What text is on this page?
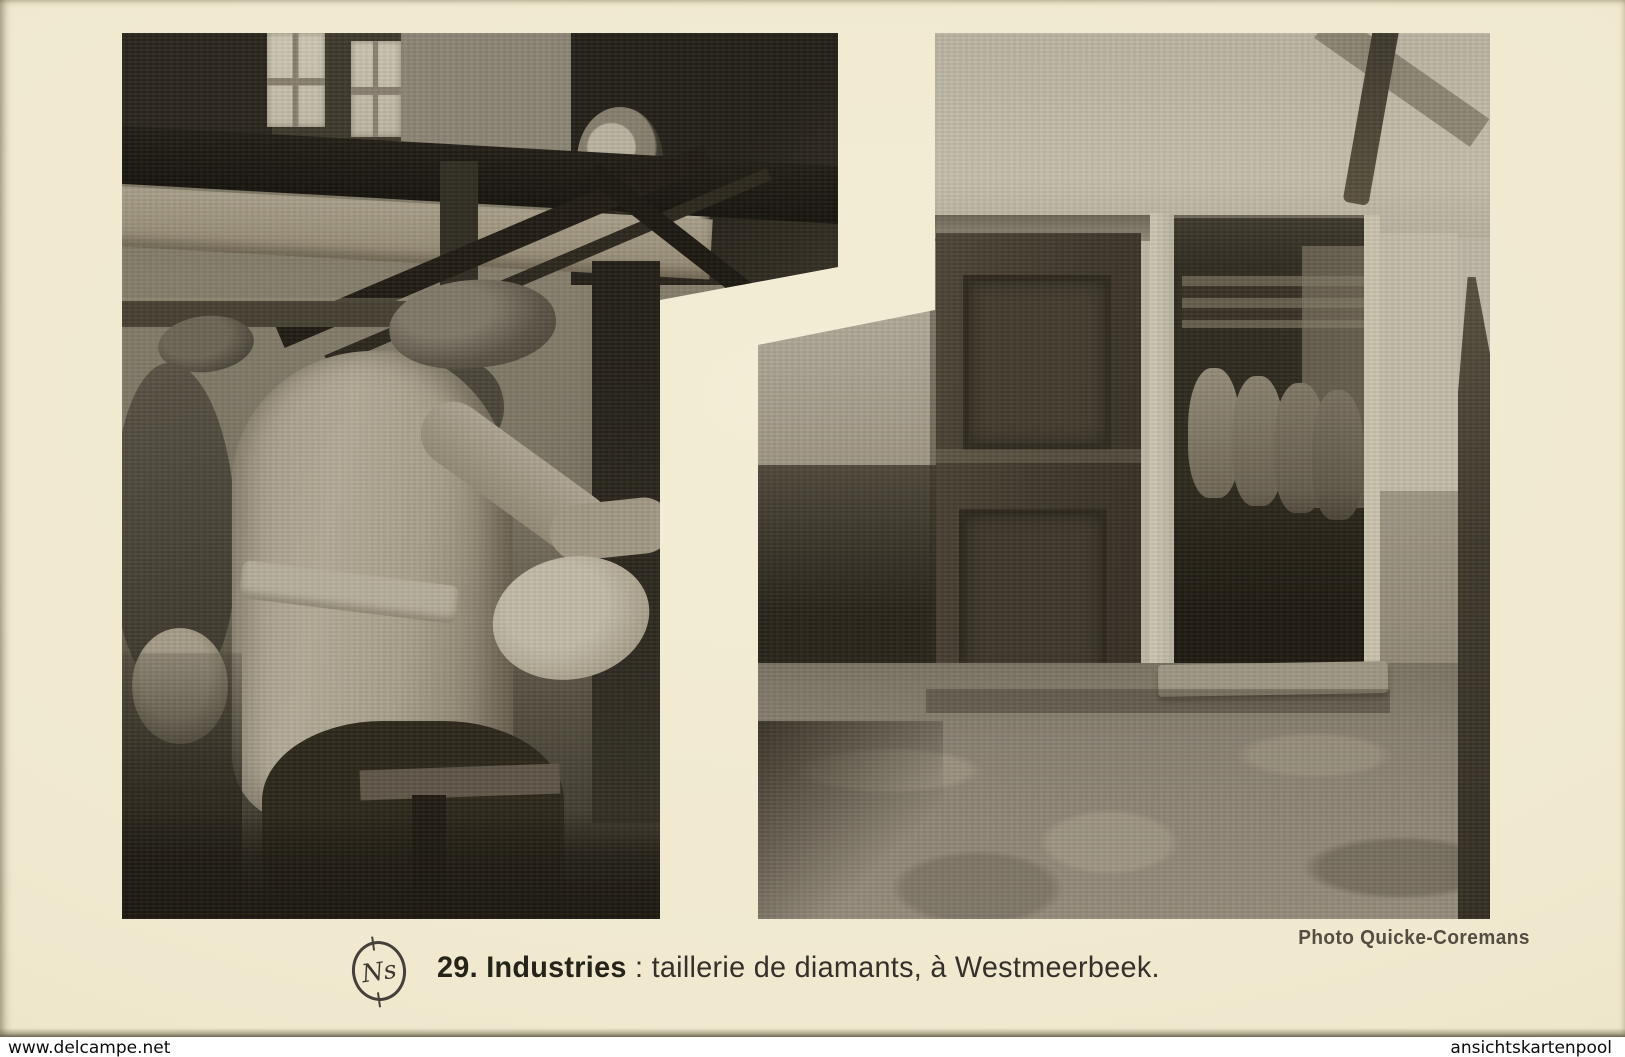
Ns 29. Industries : taillerie de diamants, à Westmeerbeek.
Photo Quicke-Coremans
www.delcampe.net	ansichtskartenpool
